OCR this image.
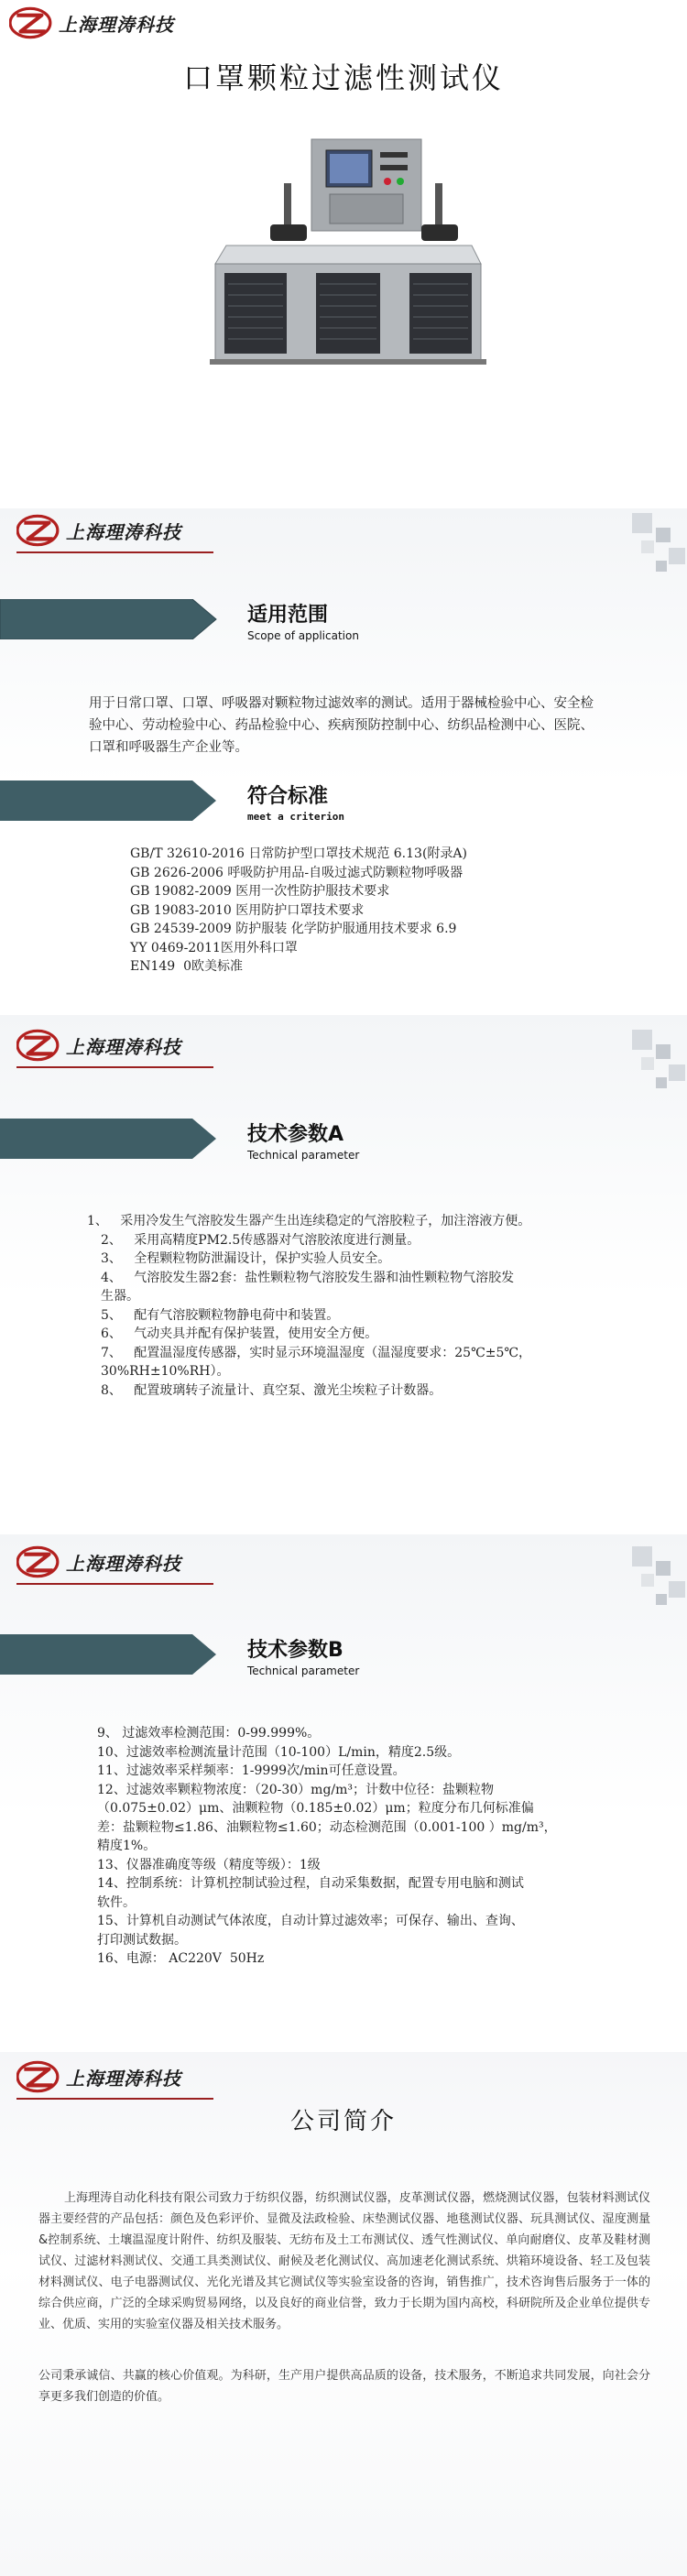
上海理涛科技
口罩颗粒过滤性测试仪
上海理涛科技
适用范围
Scope of application
用于日常口罩、口罩、呼吸器对颗粒物过滤效率的测试。适用于器械检验中心、安全检验中心、劳动检验中心、药品检验中心、疾病预防控制中心、纺织品检测中心、医院、口罩和呼吸器生产企业等。
符合标准
meet a criterion
GB/T 32610-2016 日常防护型口罩技术规范 6.13(附录A)
GB 2626-2006 呼吸防护用品-自吸过滤式防颗粒物呼吸器
GB 19082-2009 医用一次性防护服技术要求
GB 19083-2010 医用防护口罩技术要求
GB 24539-2009 防护服装 化学防护服通用技术要求 6.9
YY 0469-2011医用外科口罩
EN149  0欧美标准
上海理涛科技
技术参数A
Technical parameter
1、   采用冷发生气溶胶发生器产生出连续稳定的气溶胶粒子，加注溶液方便。
2、   采用高精度PM2.5传感器对气溶胶浓度进行测量。
3、   全程颗粒物防泄漏设计，保护实验人员安全。
4、   气溶胶发生器2套：盐性颗粒物气溶胶发生器和油性颗粒物气溶胶发
生器。
5、   配有气溶胶颗粒物静电荷中和装置。
6、   气动夹具并配有保护装置，使用安全方便。
7、   配置温湿度传感器，实时显示环境温湿度（温湿度要求：25℃±5℃，
30%RH±10%RH）。
8、   配置玻璃转子流量计、真空泵、激光尘埃粒子计数器。
上海理涛科技
技术参数B
Technical parameter
9、 过滤效率检测范围：0-99.999%。
10、过滤效率检测流量计范围（10-100）L/min，精度2.5级。
11、过滤效率采样频率：1-9999次/min可任意设置。
12、过滤效率颗粒物浓度：（20-30）mg/m³；计数中位径：盐颗粒物
（0.075±0.02）μm、油颗粒物（0.185±0.02）μm；粒度分布几何标准偏
差：盐颗粒物≤1.86、油颗粒物≤1.60；动态检测范围（0.001-100 ）mg/m³，
精度1%。
13、仪器准确度等级（精度等级）：1级
14、控制系统：计算机控制试验过程，自动采集数据，配置专用电脑和测试
软件。
15、计算机自动测试气体浓度，自动计算过滤效率；可保存、输出、查询、
打印测试数据。
16、电源： AC220V  50Hz
上海理涛科技
公司简介
上海理涛自动化科技有限公司致力于纺织仪器，纺织测试仪器，皮革测试仪器，燃烧测试仪器，包装材料测试仪器主要经营的产品包括：颜色及色彩评价、显微及法政检验、床垫测试仪器、地毯测试仪器、玩具测试仪、湿度测量&控制系统、土壤温湿度计附件、纺织及服装、无纺布及土工布测试仪、透气性测试仪、单向耐磨仪、皮革及鞋材测试仪、过滤材料测试仪、交通工具类测试仪、耐候及老化测试仪、高加速老化测试系统、烘箱环境设备、轻工及包装材料测试仪、电子电器测试仪、光化光谱及其它测试仪等实验室设备的咨询，销售推广，技术咨询售后服务于一体的综合供应商，广泛的全球采购贸易网络，以及良好的商业信誉，致力于长期为国内高校，科研院所及企业单位提供专业、优质、实用的实验室仪器及相关技术服务。
公司秉承诚信、共赢的核心价值观。为科研，生产用户提供高品质的设备，技术服务，不断追求共同发展，向社会分享更多我们创造的价值。
